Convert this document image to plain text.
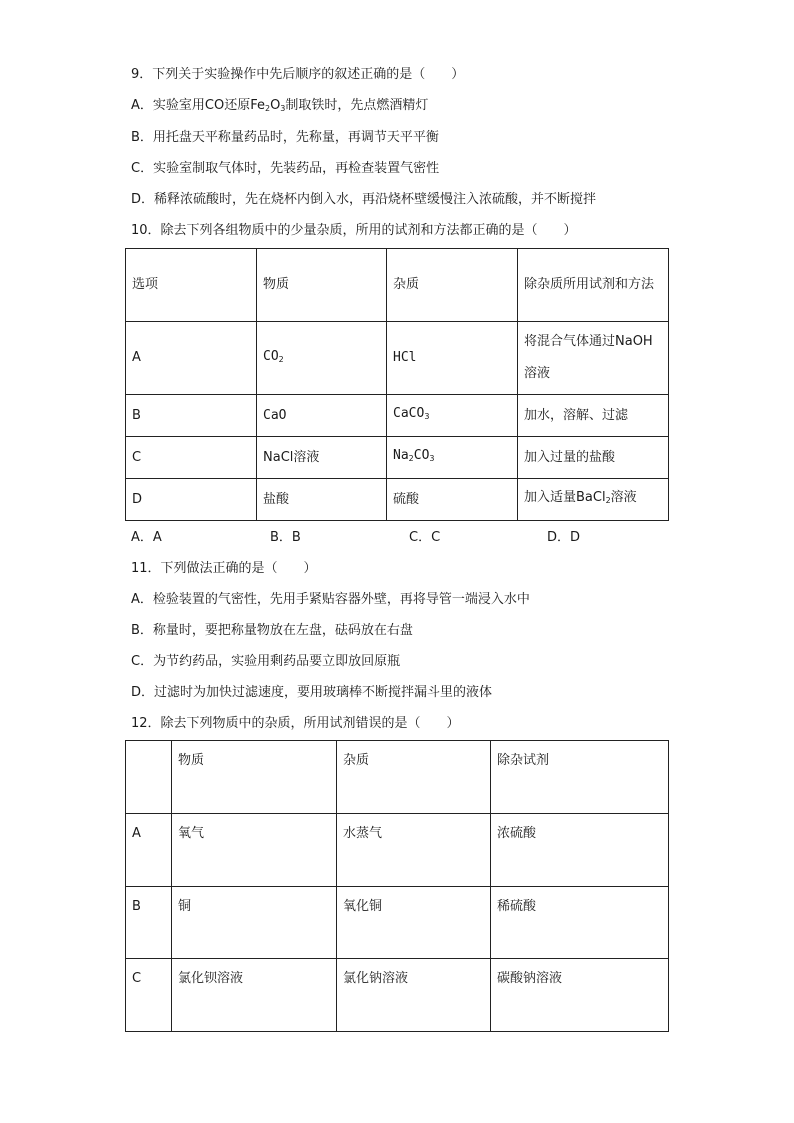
9．下列关于实验操作中先后顺序的叙述正确的是（　　）
A．实验室用CO还原$Fe_2O_3$制取铁时，先点燃酒精灯
B．用托盘天平称量药品时，先称量，再调节天平平衡
C．实验室制取气体时，先装药品，再检查装置气密性
D．稀释浓硫酸时，先在烧杯内倒入水，再沿烧杯壁缓慢注入浓硫酸，并不断搅拌
10．除去下列各组物质中的少量杂质，所用的试剂和方法都正确的是（　　）
选项	物质	杂质	除杂质所用试剂和方法
A	$CO_2$	HCl	将混合气体通过NaOH溶液
B	CaO	CaCO$_3$	加水，溶解、过滤
C	NaCl溶液	$Na_2CO_3$	加入过量的盐酸
D	盐酸	硫酸	加入适量BaCl$_2$溶液
A．A	B．B	C．C	D．D
11．下列做法正确的是（　　）
A．检验装置的气密性，先用手紧贴容器外壁，再将导管一端浸入水中
B．称量时，要把称量物放在左盘，砝码放在右盘
C．为节约药品，实验用剩药品要立即放回原瓶
D．过滤时为加快过滤速度，要用玻璃棒不断搅拌漏斗里的液体
12．除去下列物质中的杂质，所用试剂错误的是（　　）
	物质	杂质	除杂试剂
A	氧气	水蒸气	浓硫酸
B	铜	氧化铜	稀硫酸
C	氯化钡溶液	氯化钠溶液	碳酸钠溶液
